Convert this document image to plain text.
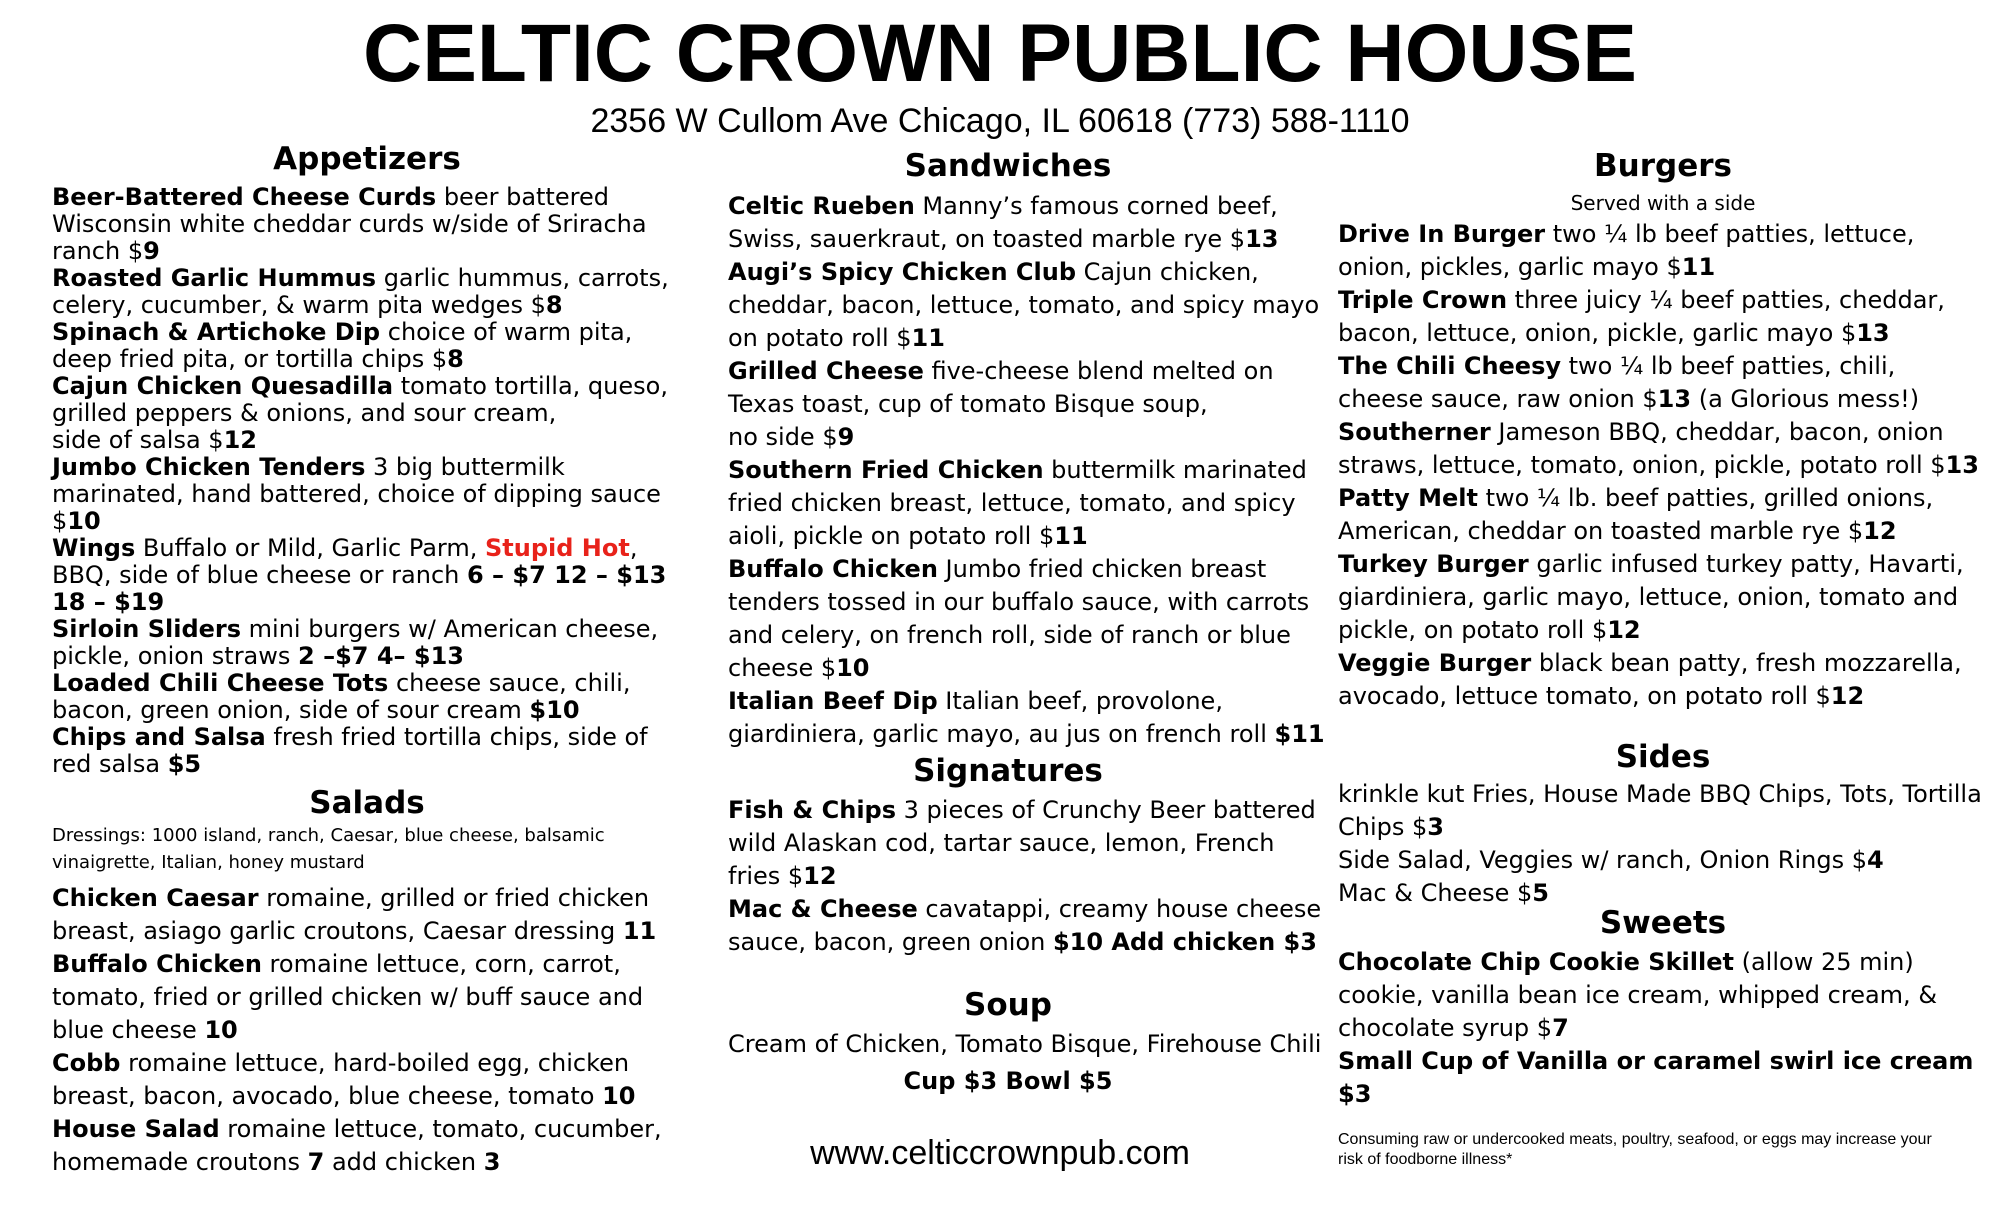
CELTIC CROWN PUBLIC HOUSE
2356 W Cullom Ave Chicago, IL 60618 (773) 588-1110
Appetizers

Beer-Battered Cheese Curds beer battered Wisconsin white cheddar curds w/side of Sriracha ranch $9

Roasted Garlic Hummus garlic hummus, carrots, celery, cucumber, & warm pita wedges $8

Spinach & Artichoke Dip choice of warm pita, deep fried pita, or tortilla chips $8

Cajun Chicken Quesadilla tomato tortilla, queso, grilled peppers & onions, and sour cream,
side of salsa $12

Jumbo Chicken Tenders 3 big buttermilk marinated, hand battered, choice of dipping sauce $10

Wings Buffalo or Mild, Garlic Parm, Stupid Hot, BBQ, side of blue cheese or ranch 6 – $7 12 – $13 18 – $19

Sirloin Sliders mini burgers w/ American cheese, pickle, onion straws 2 –$7 4– $13

Loaded Chili Cheese Tots cheese sauce, chili, bacon, green onion, side of sour cream $10

Chips and Salsa fresh fried tortilla chips, side of red salsa $5

Salads

Dressings: 1000 island, ranch, Caesar, blue cheese, balsamic vinaigrette, Italian, honey mustard

Chicken Caesar romaine, grilled or fried chicken breast, asiago garlic croutons, Caesar dressing 11

Buffalo Chicken romaine lettuce, corn, carrot, tomato, fried or grilled chicken w/ buff sauce and blue cheese 10

Cobb romaine lettuce, hard-boiled egg, chicken breast, bacon, avocado, blue cheese, tomato 10

House Salad romaine lettuce, tomato, cucumber, homemade croutons 7 add chicken 3

Sandwiches

Celtic Rueben Manny’s famous corned beef, Swiss, sauerkraut, on toasted marble rye $13

Augi’s Spicy Chicken Club Cajun chicken, cheddar, bacon, lettuce, tomato, and spicy mayo on potato roll $11

Grilled Cheese five-cheese blend melted on Texas toast, cup of tomato Bisque soup,
no side $9

Southern Fried Chicken buttermilk marinated fried chicken breast, lettuce, tomato, and spicy aioli, pickle on potato roll $11

Buffalo Chicken Jumbo fried chicken breast tenders tossed in our buffalo sauce, with carrots and celery, on french roll, side of ranch or blue cheese $10

Italian Beef Dip Italian beef, provolone, giardiniera, garlic mayo, au jus on french roll $11

Signatures

Fish & Chips 3 pieces of Crunchy Beer battered wild Alaskan cod, tartar sauce, lemon, French fries $12

Mac & Cheese cavatappi, creamy house cheese sauce, bacon, green onion $10 Add chicken $3

Soup

Cream of Chicken, Tomato Bisque, Firehouse Chili

Cup $3 Bowl $5

www.celticcrownpub.com
Burgers
Served with a side

Drive In Burger two ¼ lb beef patties, lettuce, onion, pickles, garlic mayo $11

Triple Crown three juicy ¼ beef patties, cheddar, bacon, lettuce, onion, pickle, garlic mayo $13

The Chili Cheesy two ¼ lb beef patties, chili, cheese sauce, raw onion $13 (a Glorious mess!)

Southerner Jameson BBQ, cheddar, bacon, onion straws, lettuce, tomato, onion, pickle, potato roll $13

Patty Melt two ¼ lb. beef patties, grilled onions, American, cheddar on toasted marble rye $12

Turkey Burger garlic infused turkey patty, Havarti, giardiniera, garlic mayo, lettuce, onion, tomato and pickle, on potato roll $12

Veggie Burger black bean patty, fresh mozzarella, avocado, lettuce tomato, on potato roll $12

Sides

krinkle kut Fries, House Made BBQ Chips, Tots, Tortilla Chips $3

Side Salad, Veggies w/ ranch, Onion Rings $4

Mac & Cheese $5

Sweets

Chocolate Chip Cookie Skillet (allow 25 min) cookie, vanilla bean ice cream, whipped cream, & chocolate syrup $7

Small Cup of Vanilla or caramel swirl ice cream $3

Consuming raw or undercooked meats, poultry, seafood, or eggs may increase your risk of foodborne illness*
